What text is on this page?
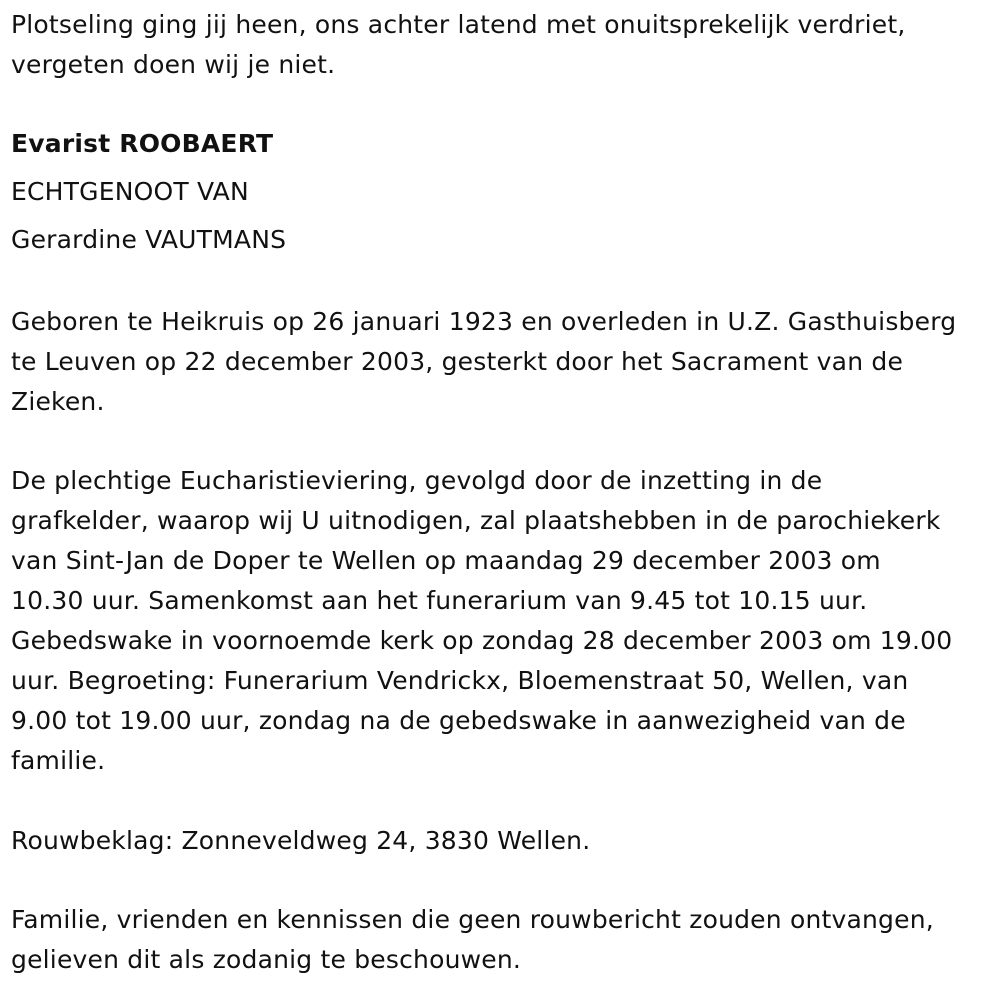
Plotseling ging jij heen, ons achter latend met onuitsprekelijk verdriet,
vergeten doen wij je niet.
Evarist ROOBAERT
ECHTGENOOT VAN
Gerardine VAUTMANS
Geboren te Heikruis op 26 januari 1923 en overleden in U.Z. Gasthuisberg
te Leuven op 22 december 2003, gesterkt door het Sacrament van de
Zieken.
De plechtige Eucharistieviering, gevolgd door de inzetting in de
grafkelder, waarop wij U uitnodigen, zal plaatshebben in de parochiekerk
van Sint-Jan de Doper te Wellen op maandag 29 december 2003 om
10.30 uur. Samenkomst aan het funerarium van 9.45 tot 10.15 uur.
Gebedswake in voornoemde kerk op zondag 28 december 2003 om 19.00
uur. Begroeting: Funerarium Vendrickx, Bloemenstraat 50, Wellen, van
9.00 tot 19.00 uur, zondag na de gebedswake in aanwezigheid van de
familie.
Rouwbeklag: Zonneveldweg 24, 3830 Wellen.
Familie, vrienden en kennissen die geen rouwbericht zouden ontvangen,
gelieven dit als zodanig te beschouwen.
